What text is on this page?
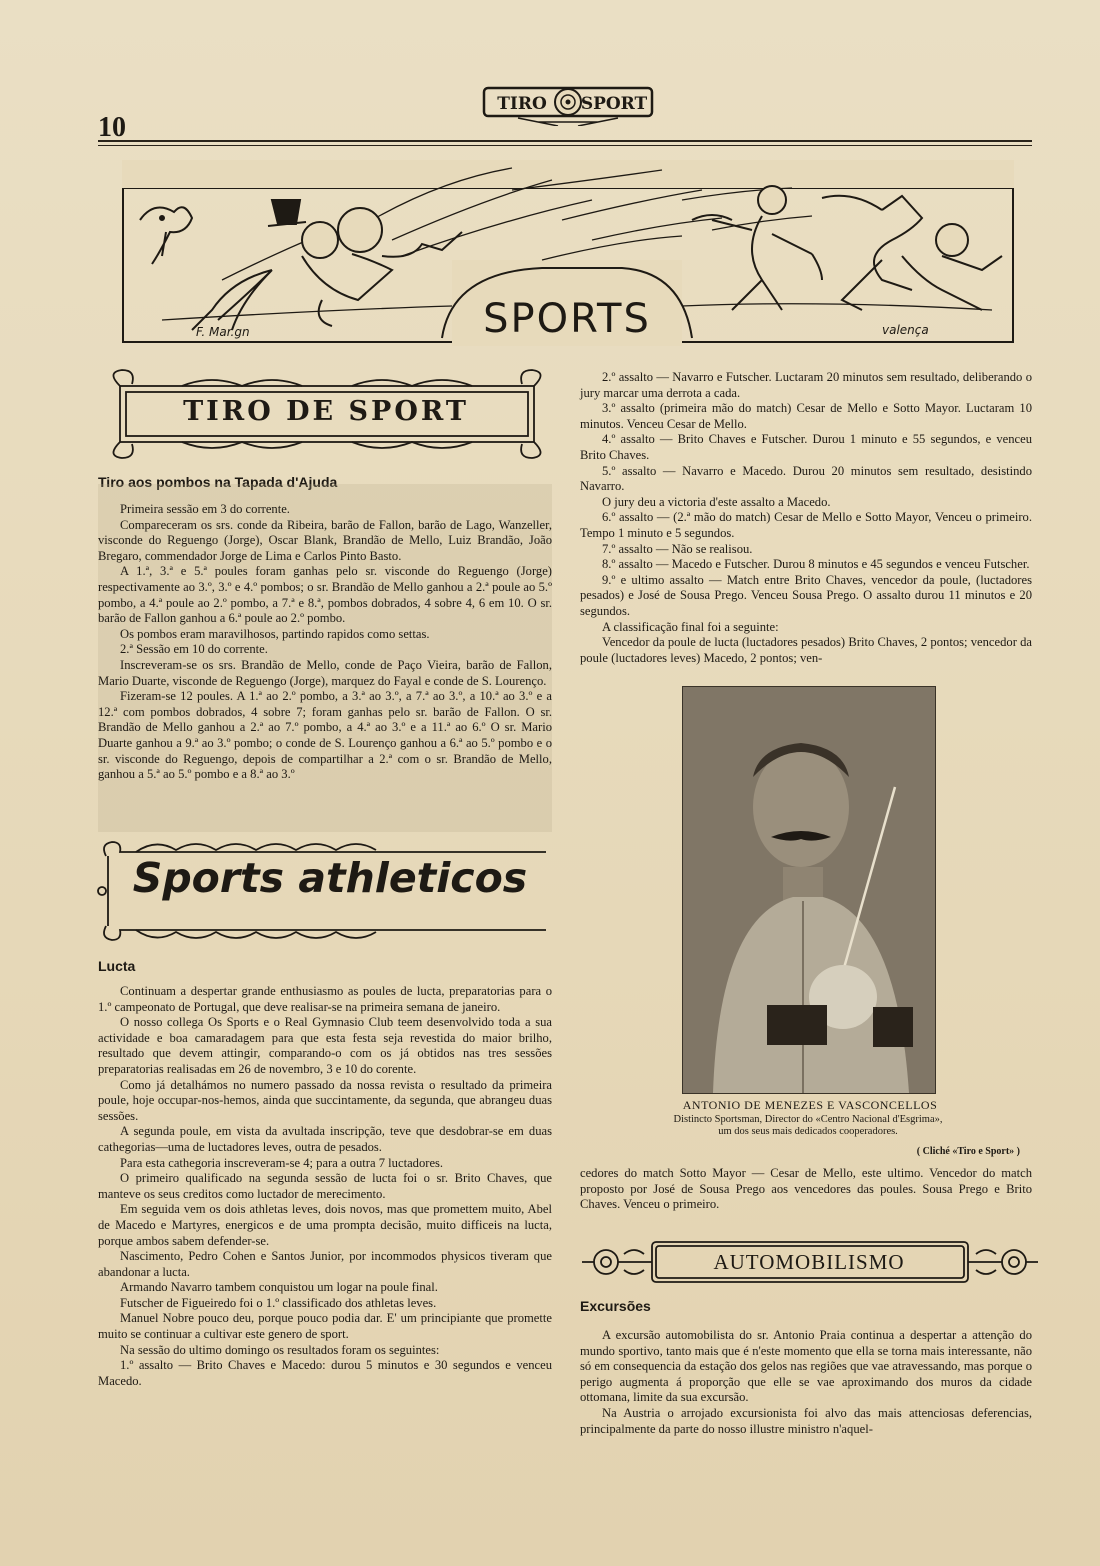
10
TIRO SPORT
SPORTS
F. Mar.gn	valença
TIRO DE SPORT
Tiro aos pombos na Tapada d'Ajuda

Primeira sessão em 3 do corrente.

Compareceram os srs. conde da Ribeira, barão de Fallon, barão de Lago, Wanzeller, visconde do Reguengo (Jorge), Oscar Blank, Brandão de Mello, Luiz Brandão, João Bregaro, commendador Jorge de Lima e Carlos Pinto Basto.

A 1.ª, 3.ª e 5.ª poules foram ganhas pelo sr. visconde do Reguengo (Jorge) respectivamente ao 3.º, 3.º e 4.º pombos; o sr. Brandão de Mello ganhou a 2.ª poule ao 5.º pombo, a 4.ª poule ao 2.º pombo, a 7.ª e 8.ª, pombos dobrados, 4 sobre 4, 6 em 10. O sr. barão de Fallon ganhou a 6.ª poule ao 2.º pombo.

Os pombos eram maravilhosos, partindo rapidos como settas.

2.ª Sessão em 10 do corrente.

Inscreveram-se os srs. Brandão de Mello, conde de Paço Vieira, barão de Fallon, Mario Duarte, visconde de Reguengo (Jorge), marquez do Fayal e conde de S. Lourenço.

Fizeram-se 12 poules. A 1.ª ao 2.º pombo, a 3.ª ao 3.º, a 7.ª ao 3.º, a 10.ª ao 3.º e a 12.ª com pombos dobrados, 4 sobre 7; foram ganhas pelo sr. barão de Fallon. O sr. Brandão de Mello ganhou a 2.ª ao 7.º pombo, a 4.ª ao 3.º e a 11.ª ao 6.º O sr. Mario Duarte ganhou a 9.ª ao 3.º pombo; o conde de S. Lourenço ganhou a 6.ª ao 5.º pombo e o sr. visconde do Reguengo, depois de compartilhar a 2.ª com o sr. Brandão de Mello, ganhou a 5.ª ao 5.º pombo e a 8.ª ao 3.º

Sports athleticos
Lucta

Continuam a despertar grande enthusiasmo as poules de lucta, preparatorias para o 1.º campeonato de Portugal, que deve realisar-se na primeira semana de janeiro.

O nosso collega Os Sports e o Real Gymnasio Club teem desenvolvido toda a sua actividade e boa camaradagem para que esta festa seja revestida do maior brilho, resultado que devem attingir, comparando-o com os já obtidos nas tres sessões preparatorias realisadas em 26 de novembro, 3 e 10 do corente.

Como já detalhámos no numero passado da nossa revista o resultado da primeira poule, hoje occupar-nos-hemos, ainda que succintamente, da segunda, que abrangeu duas sessões.

A segunda poule, em vista da avultada inscripção, teve que desdobrar-se em duas cathegorias—uma de luctadores leves, outra de pesados.

Para esta cathegoria inscreveram-se 4; para a outra 7 luctadores.

O primeiro qualificado na segunda sessão de lucta foi o sr. Brito Chaves, que manteve os seus creditos como luctador de merecimento.

Em seguida vem os dois athletas leves, dois novos, mas que promettem muito, Abel de Macedo e Martyres, energicos e de uma prompta decisão, muito difficeis na lucta, porque ambos sabem defender-se.

Nascimento, Pedro Cohen e Santos Junior, por incommodos physicos tiveram que abandonar a lucta.

Armando Navarro tambem conquistou um logar na poule final.

Futscher de Figueiredo foi o 1.º classificado dos athletas leves.

Manuel Nobre pouco deu, porque pouco podia dar. E' um principiante que promette muito se continuar a cultivar este genero de sport.

Na sessão do ultimo domingo os resultados foram os seguintes:

1.º assalto — Brito Chaves e Macedo: durou 5 minutos e 30 segundos e venceu Macedo.

2.º assalto — Navarro e Futscher. Luctaram 20 minutos sem resultado, deliberando o jury marcar uma derrota a cada.

3.º assalto (primeira mão do match) Cesar de Mello e Sotto Mayor. Luctaram 10 minutos. Venceu Cesar de Mello.

4.º assalto — Brito Chaves e Futscher. Durou 1 minuto e 55 segundos, e venceu Brito Chaves.

5.º assalto — Navarro e Macedo. Durou 20 minutos sem resultado, desistindo Navarro.

O jury deu a victoria d'este assalto a Macedo.

6.º assalto — (2.ª mão do match) Cesar de Mello e Sotto Mayor, Venceu o primeiro. Tempo 1 minuto e 5 segundos.

7.º assalto — Não se realisou.

8.º assalto — Macedo e Futscher. Durou 8 minutos e 45 segundos e venceu Futscher.

9.º e ultimo assalto — Match entre Brito Chaves, vencedor da poule, (luctadores pesados) e José de Sousa Prego. Venceu Sousa Prego. O assalto durou 11 minutos e 20 segundos.

A classificação final foi a seguinte:

Vencedor da poule de lucta (luctadores pesados) Brito Chaves, 2 pontos; vencedor da poule (luctadores leves) Macedo, 2 pontos; ven-

ANTONIO DE MENEZES E VASCONCELLOS
Distincto Sportsman, Director do «Centro Nacional d'Esgrima»,
um dos seus mais dedicados cooperadores.
( Cliché «Tiro e Sport» )

cedores do match Sotto Mayor — Cesar de Mello, este ultimo. Vencedor do match proposto por José de Sousa Prego aos vencedores das poules. Sousa Prego e Brito Chaves. Venceu o primeiro.

AUTOMOBILISMO
Excursões

A excursão automobilista do sr. Antonio Praia continua a despertar a attenção do mundo sportivo, tanto mais que é n'este momento que ella se torna mais interessante, não só em consequencia da estação dos gelos nas regiões que vae atravessando, mas porque o perigo augmenta á proporção que elle se vae aproximando dos muros da cidade ottomana, limite da sua excursão.

Na Austria o arrojado excursionista foi alvo das mais attenciosas deferencias, principalmente da parte do nosso illustre ministro n'aquel-
